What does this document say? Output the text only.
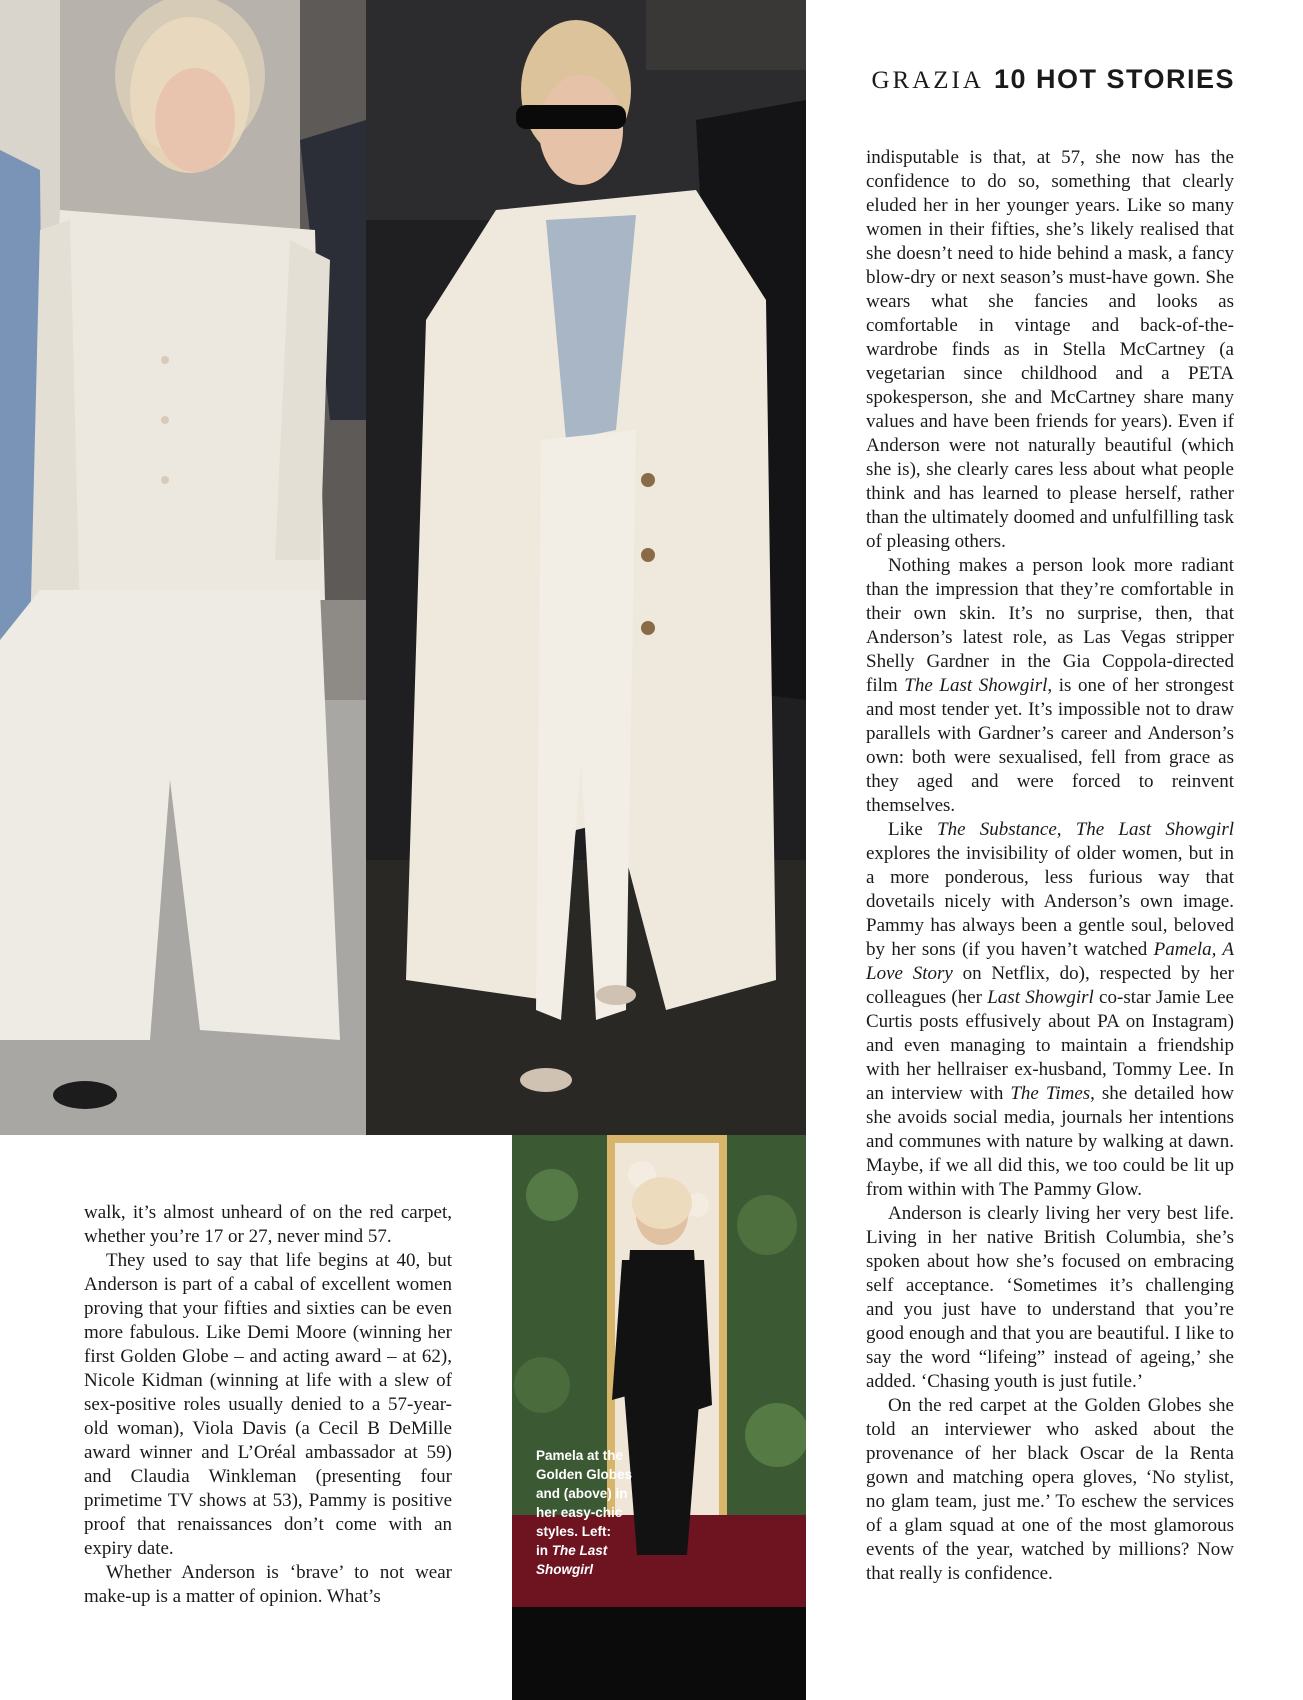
Pamela at the
Golden Globes
and (above) in
her easy-chic
styles. Left:
in The Last
Showgirl
GRAZIA 10 HOT STORIES

walk, it’s almost unheard of on the red carpet, whether you’re 17 or 27, never mind 57.

They used to say that life begins at 40, but Anderson is part of a cabal of excellent women proving that your fifties and sixties can be even more fabulous. Like Demi Moore (winning her first Golden Globe – and acting award – at 62), Nicole Kidman (winning at life with a slew of sex-positive roles usually denied to a 57-year-old woman), Viola Davis (a Cecil B DeMille award winner and L’Oréal ambassador at 59) and Claudia Winkleman (presenting four primetime TV shows at 53), Pammy is positive proof that renaissances don’t come with an expiry date.

Whether Anderson is ‘brave’ to not wear make-up is a matter of opinion. What’s

indisputable is that, at 57, she now has the confidence to do so, something that clearly eluded her in her younger years. Like so many women in their fifties, she’s likely realised that she doesn’t need to hide behind a mask, a fancy blow-dry or next season’s must-have gown. She wears what she fancies and looks as comfortable in vintage and back-of-the-wardrobe finds as in Stella McCartney (a vegetarian since childhood and a PETA spokesperson, she and McCartney share many values and have been friends for years). Even if Anderson were not naturally beautiful (which she is), she clearly cares less about what people think and has learned to please herself, rather than the ultimately doomed and unfulfilling task of pleasing others.

Nothing makes a person look more radiant than the impression that they’re comfortable in their own skin. It’s no surprise, then, that Anderson’s latest role, as Las Vegas stripper Shelly Gardner in the Gia Coppola-directed film The Last Showgirl, is one of her strongest and most tender yet. It’s impossible not to draw parallels with Gardner’s career and Anderson’s own: both were sexualised, fell from grace as they aged and were forced to reinvent themselves.

Like The Substance, The Last Showgirl explores the invisibility of older women, but in a more ponderous, less furious way that dovetails nicely with Anderson’s own image. Pammy has always been a gentle soul, beloved by her sons (if you haven’t watched Pamela, A Love Story on Netflix, do), respected by her colleagues (her Last Showgirl co-star Jamie Lee Curtis posts effusively about PA on Instagram) and even managing to maintain a friendship with her hellraiser ex-husband, Tommy Lee. In an interview with The Times, she detailed how she avoids social media, journals her intentions and communes with nature by walking at dawn. Maybe, if we all did this, we too could be lit up from within with The Pammy Glow.

Anderson is clearly living her very best life. Living in her native British Columbia, she’s spoken about how she’s focused on embracing self acceptance. ‘Sometimes it’s challenging and you just have to understand that you’re good enough and that you are beautiful. I like to say the word “lifeing” instead of ageing,’ she added. ‘Chasing youth is just futile.’

On the red carpet at the Golden Globes she told an interviewer who asked about the provenance of her black Oscar de la Renta gown and matching opera gloves, ‘No stylist, no glam team, just me.’ To eschew the services of a glam squad at one of the most glamorous events of the year, watched by millions? Now that really is confidence.
